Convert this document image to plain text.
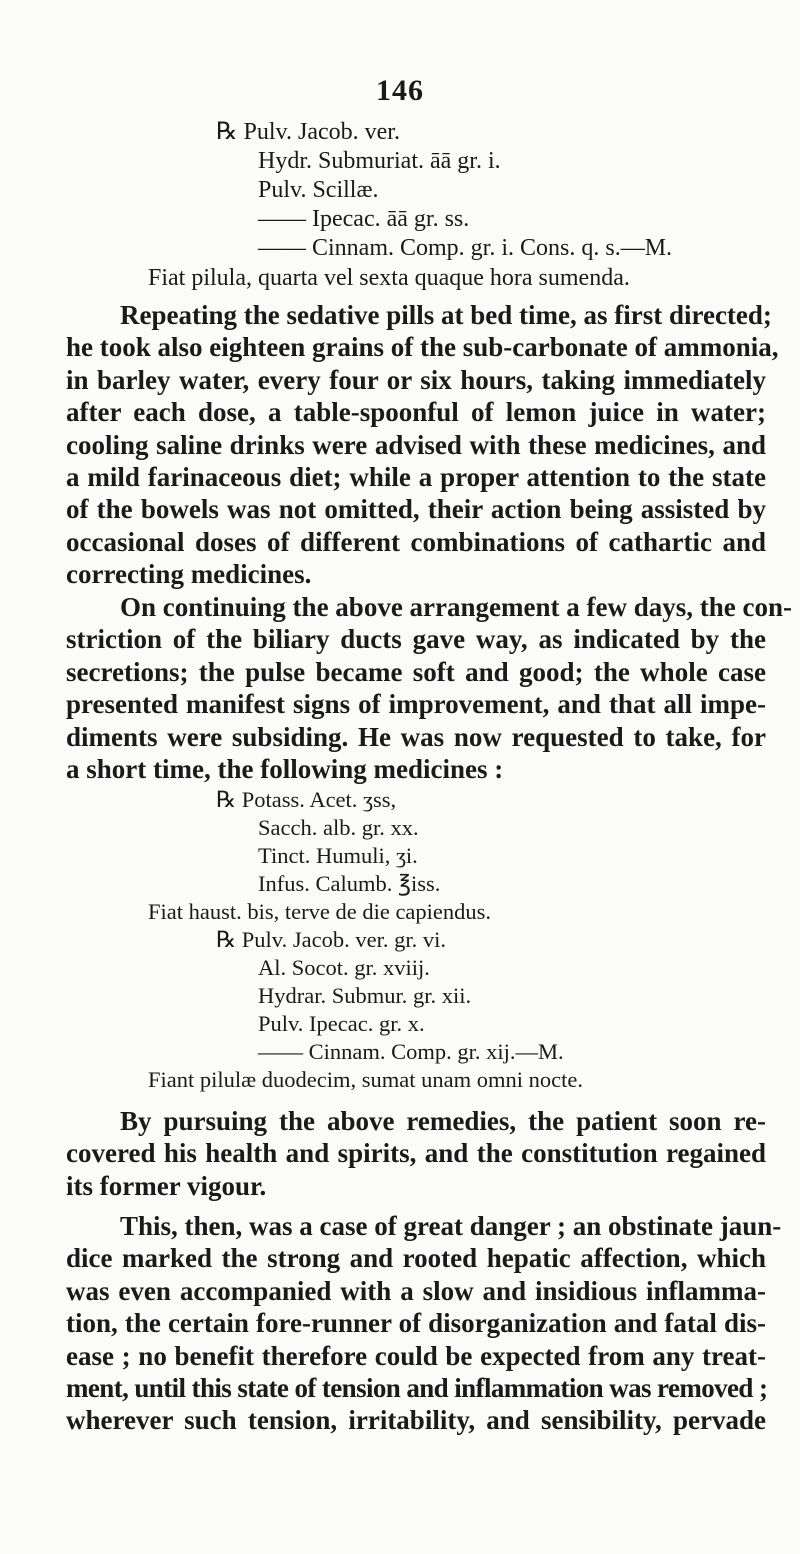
146
℞ Pulv. Jacob. ver.
Hydr. Submuriat. āā gr. i.
Pulv. Scillæ.
—— Ipecac. āā gr. ss.
—— Cinnam. Comp. gr. i. Cons. q. s.—M.
Fiat pilula, quarta vel sexta quaque hora sumenda.
Repeating the sedative pills at bed time, as first directed;
he took also eighteen grains of the sub-carbonate of ammonia,
in barley water, every four or six hours, taking immediately
after each dose, a table-spoonful of lemon juice in water;
cooling saline drinks were advised with these medicines, and
a mild farinaceous diet; while a proper attention to the state
of the bowels was not omitted, their action being assisted by
occasional doses of different combinations of cathartic and
correcting medicines.
On continuing the above arrangement a few days, the con-
striction of the biliary ducts gave way, as indicated by the
secretions; the pulse became soft and good; the whole case
presented manifest signs of improvement, and that all impe-
diments were subsiding. He was now requested to take, for
a short time, the following medicines :
℞ Potass. Acet. ʒss,
Sacch. alb. gr. xx.
Tinct. Humuli, ʒi.
Infus. Calumb. ℥iss.
Fiat haust. bis, terve de die capiendus.
℞ Pulv. Jacob. ver. gr. vi.
Al. Socot. gr. xviij.
Hydrar. Submur. gr. xii.
Pulv. Ipecac. gr. x.
—— Cinnam. Comp. gr. xij.—M.
Fiant pilulæ duodecim, sumat unam omni nocte.
By pursuing the above remedies, the patient soon re-
covered his health and spirits, and the constitution regained
its former vigour.
This, then, was a case of great danger ; an obstinate jaun-
dice marked the strong and rooted hepatic affection, which
was even accompanied with a slow and insidious inflamma-
tion, the certain fore-runner of disorganization and fatal dis-
ease ; no benefit therefore could be expected from any treat-
ment, until this state of tension and inflammation was removed ;
wherever such tension, irritability, and sensibility, pervade
